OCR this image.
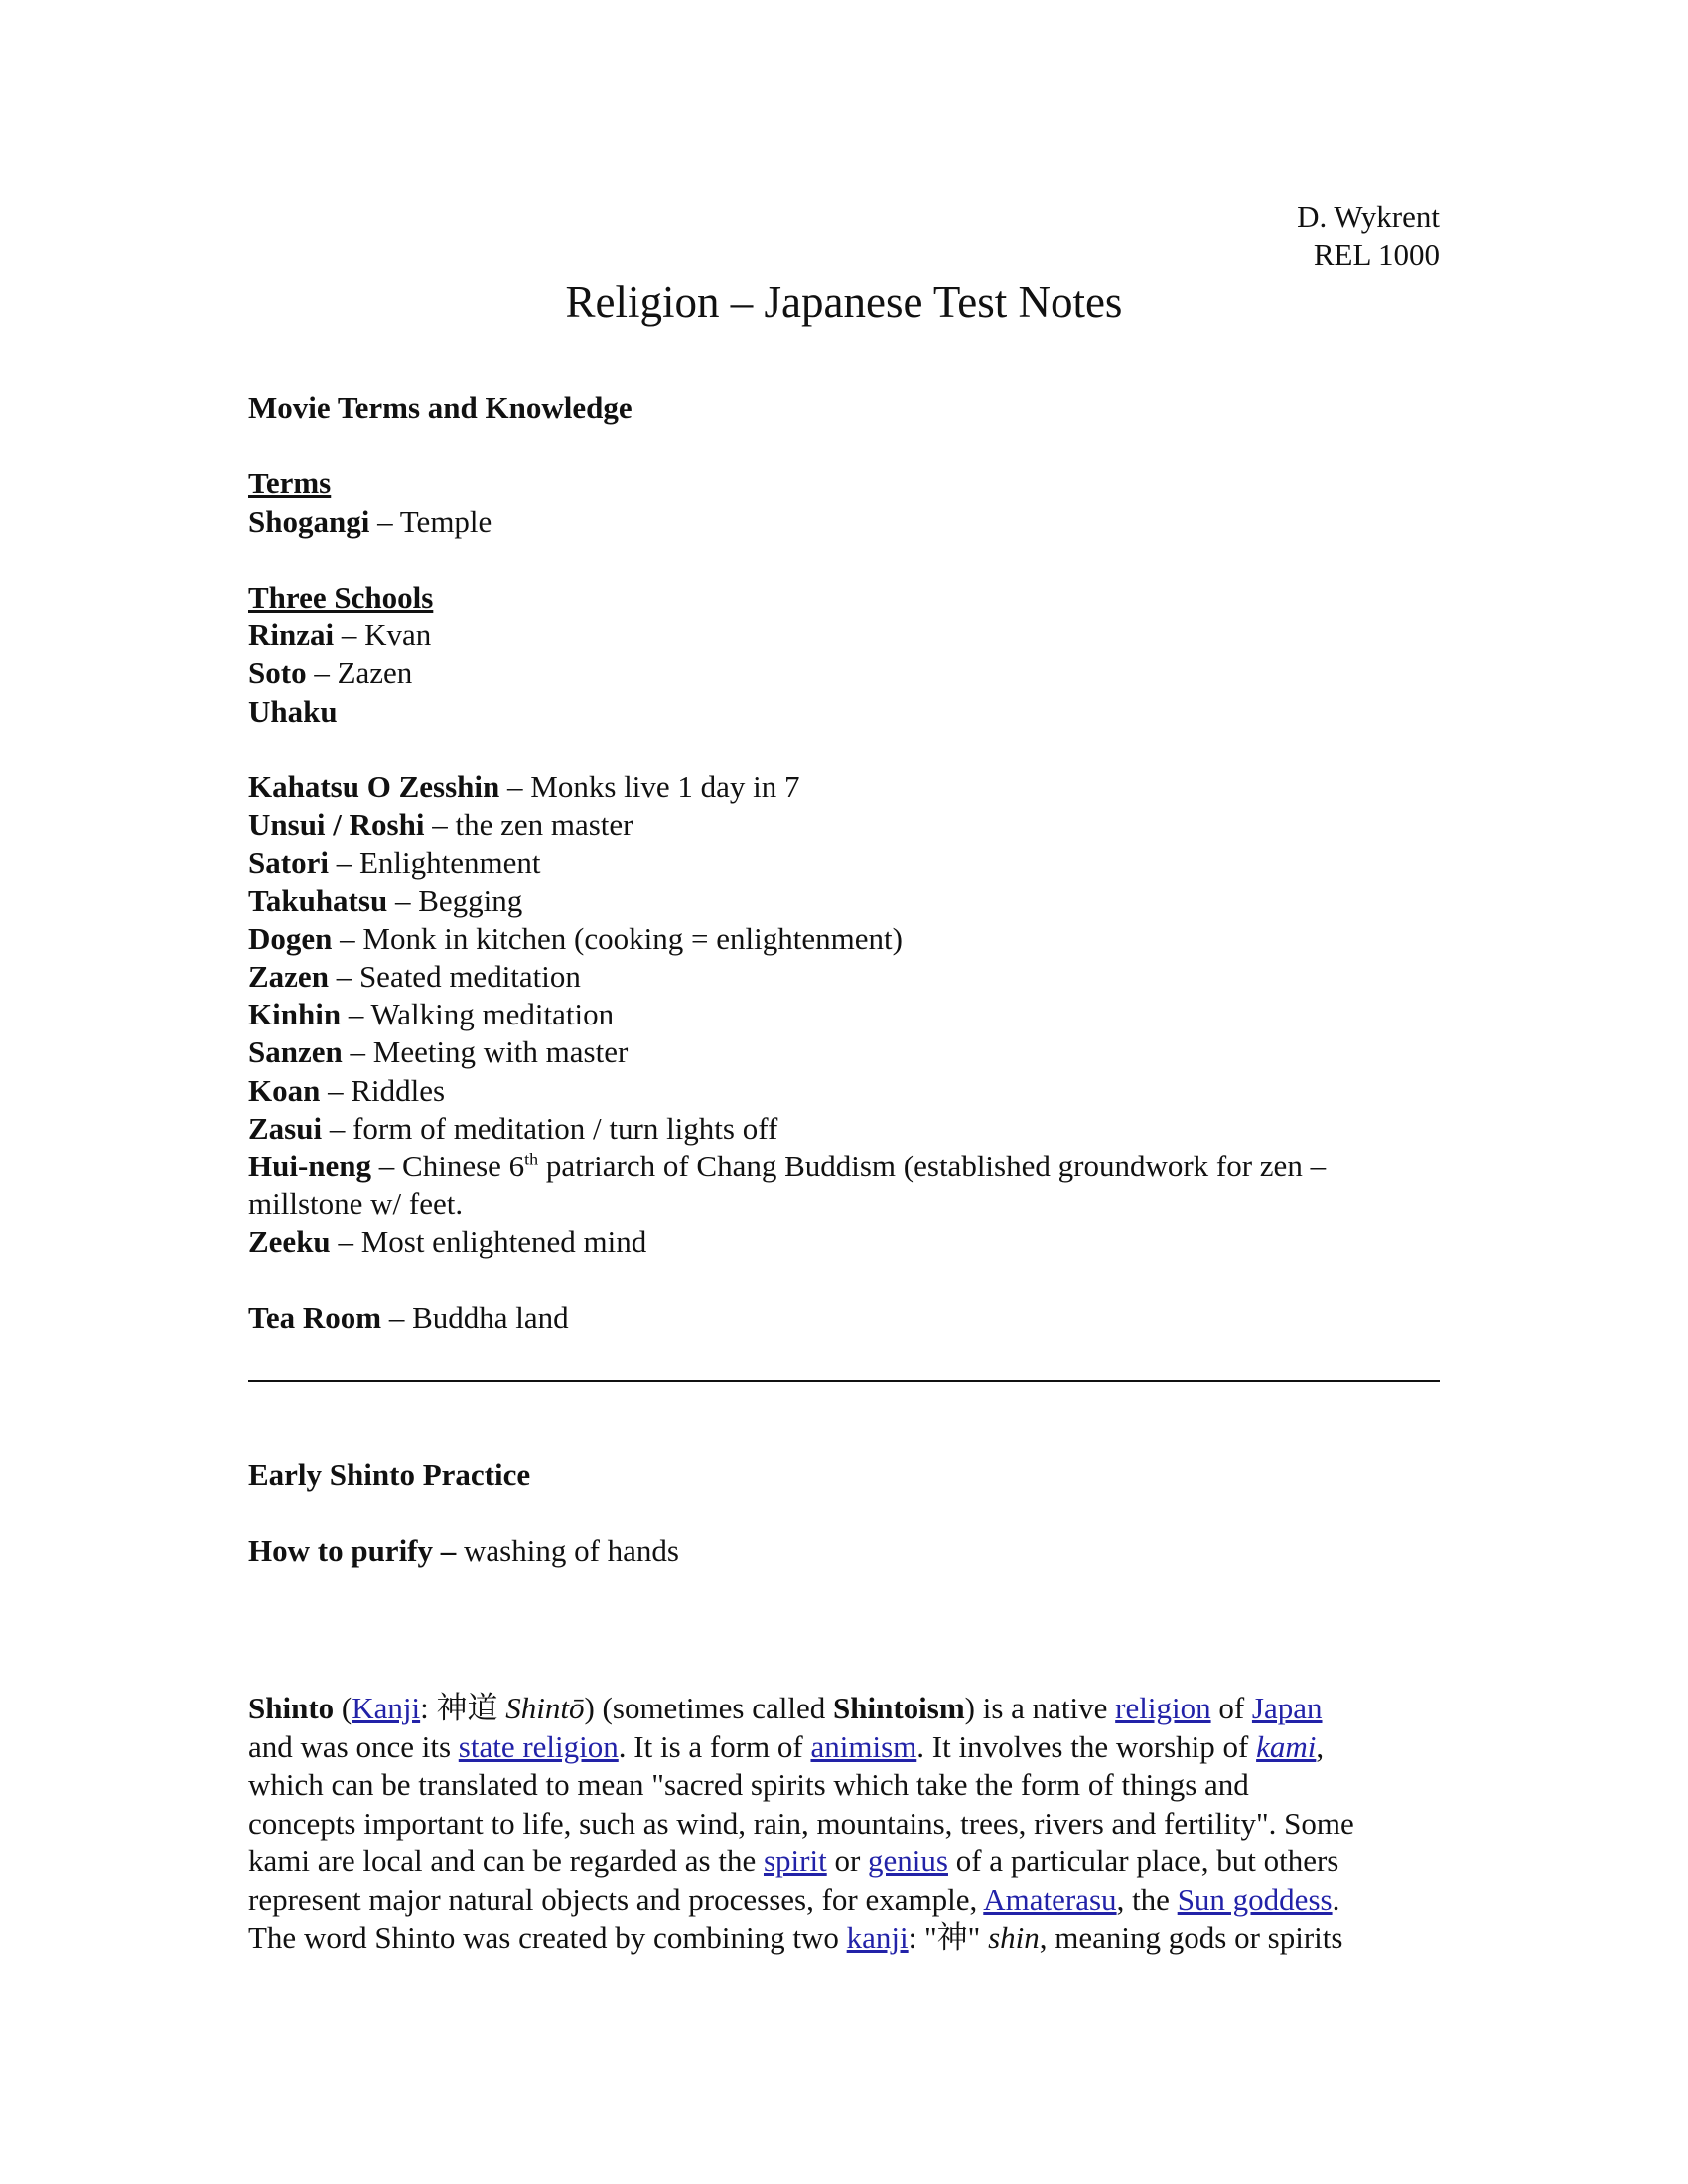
D. Wykrent
REL 1000
Religion – Japanese Test Notes
Movie Terms and Knowledge
Terms
Shogangi – Temple
Three Schools
Rinzai – Kvan
Soto – Zazen
Uhaku
Kahatsu O Zesshin – Monks live 1 day in 7
Unsui / Roshi – the zen master
Satori – Enlightenment
Takuhatsu – Begging
Dogen – Monk in kitchen (cooking = enlightenment)
Zazen – Seated meditation
Kinhin – Walking meditation
Sanzen – Meeting with master
Koan – Riddles
Zasui – form of meditation / turn lights off
Hui-neng – Chinese 6th patriarch of Chang Buddism (established groundwork for zen –
millstone w/ feet.
Zeeku – Most enlightened mind
Tea Room – Buddha land
Early Shinto Practice
How to purify – washing of hands
Shinto (Kanji: 神道 Shintō) (sometimes called Shintoism) is a native religion of Japan
and was once its state religion. It is a form of animism. It involves the worship of kami,
which can be translated to mean "sacred spirits which take the form of things and
concepts important to life, such as wind, rain, mountains, trees, rivers and fertility". Some
kami are local and can be regarded as the spirit or genius of a particular place, but others
represent major natural objects and processes, for example, Amaterasu, the Sun goddess.
The word Shinto was created by combining two kanji: "神" shin, meaning gods or spirits
